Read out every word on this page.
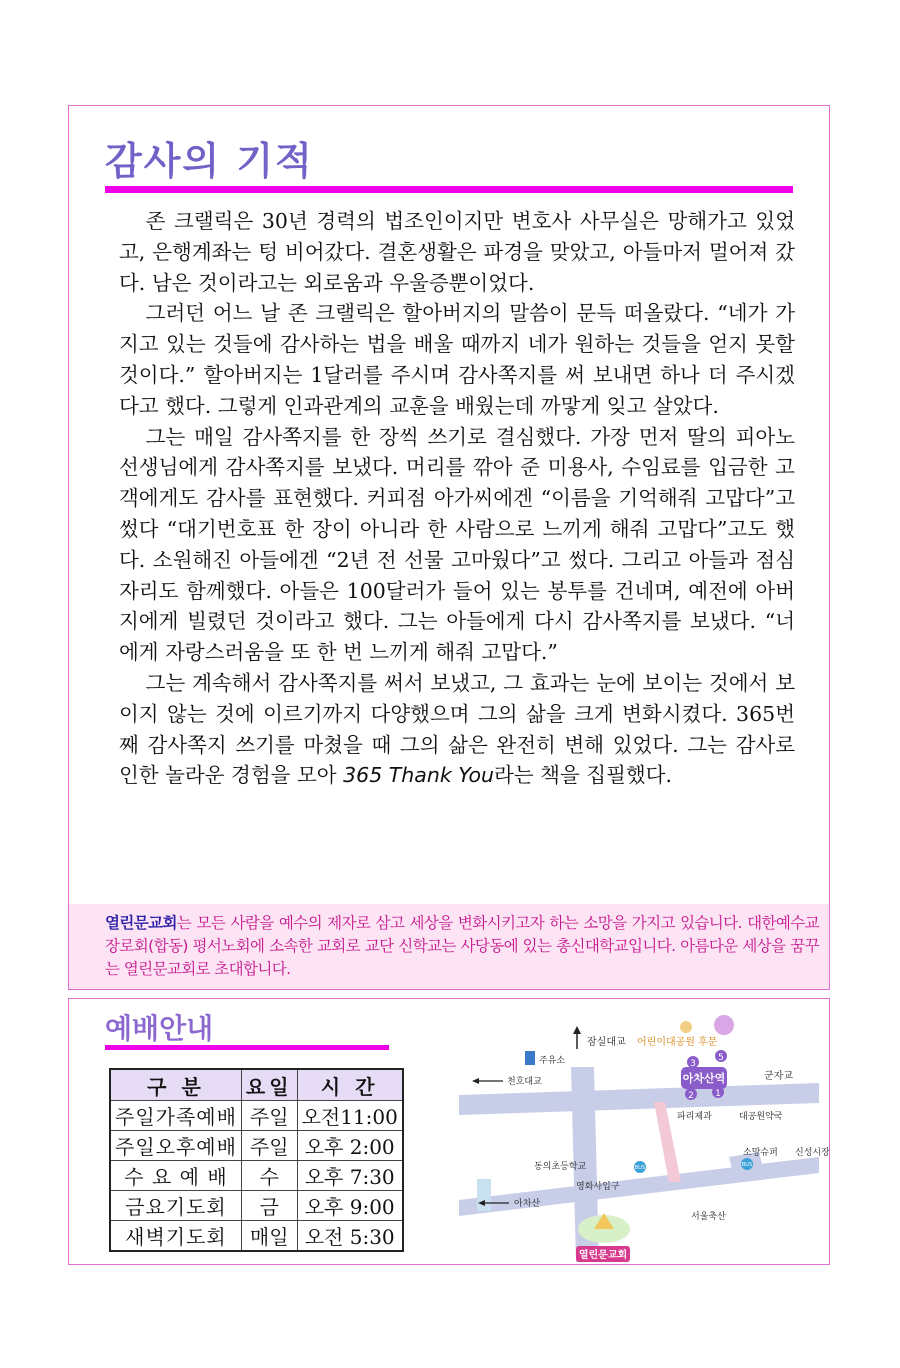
감사의 기적

존 크랠릭은 30년 경력의 법조인이지만 변호사 사무실은 망해가고 있었고, 은행계좌는 텅 비어갔다. 결혼생활은 파경을 맞았고, 아들마저 멀어져 갔다. 남은 것이라고는 외로움과 우울증뿐이었다.

그러던 어느 날 존 크랠릭은 할아버지의 말씀이 문득 떠올랐다. “네가 가지고 있는 것들에 감사하는 법을 배울 때까지 네가 원하는 것들을 얻지 못할 것이다.” 할아버지는 1달러를 주시며 감사쪽지를 써 보내면 하나 더 주시겠다고 했다. 그렇게 인과관계의 교훈을 배웠는데 까맣게 잊고 살았다.

그는 매일 감사쪽지를 한 장씩 쓰기로 결심했다. 가장 먼저 딸의 피아노 선생님에게 감사쪽지를 보냈다. 머리를 깎아 준 미용사, 수임료를 입금한 고객에게도 감사를 표현했다. 커피점 아가씨에겐 “이름을 기억해줘 고맙다”고 썼다 “대기번호표 한 장이 아니라 한 사람으로 느끼게 해줘 고맙다”고도 했다. 소원해진 아들에겐 “2년 전 선물 고마웠다”고 썼다. 그리고 아들과 점심 자리도 함께했다. 아들은 100달러가 들어 있는 봉투를 건네며, 예전에 아버지에게 빌렸던 것이라고 했다. 그는 아들에게 다시 감사쪽지를 보냈다. “너에게 자랑스러움을 또 한 번 느끼게 해줘 고맙다.”

그는 계속해서 감사쪽지를 써서 보냈고, 그 효과는 눈에 보이는 것에서 보이지 않는 것에 이르기까지 다양했으며 그의 삶을 크게 변화시켰다. 365번째 감사쪽지 쓰기를 마쳤을 때 그의 삶은 완전히 변해 있었다. 그는 감사로 인한 놀라운 경험을 모아 365 Thank You라는 책을 집필했다.

열린문교회는 모든 사람을 예수의 제자로 삼고 세상을 변화시키고자 하는 소망을 가지고 있습니다. 대한예수교장로회(합동) 평서노회에 소속한 교회로 교단 신학교는 사당동에 있는 총신대학교입니다. 아름다운 세상을 꿈꾸는 열린문교회로 초대합니다.
예배안내
구 분	요일	시 간
주일가족예배	주일	오전11:00
주일오후예배	주일	오후 2:00
수 요 예 배	수	오후 7:30
금요기도회	금	오후 9:00
새벽기도회	매일	오전 5:30
아차산역
3
5
2 1
BUS	BUS
열린문교회
잠실대교 어린이대공원 후문
주유소
천호대교	군자교
파리제과	대공원약국
신성시장
소망슈퍼
동의초등학교
영화사입구
아차산
서울축산
